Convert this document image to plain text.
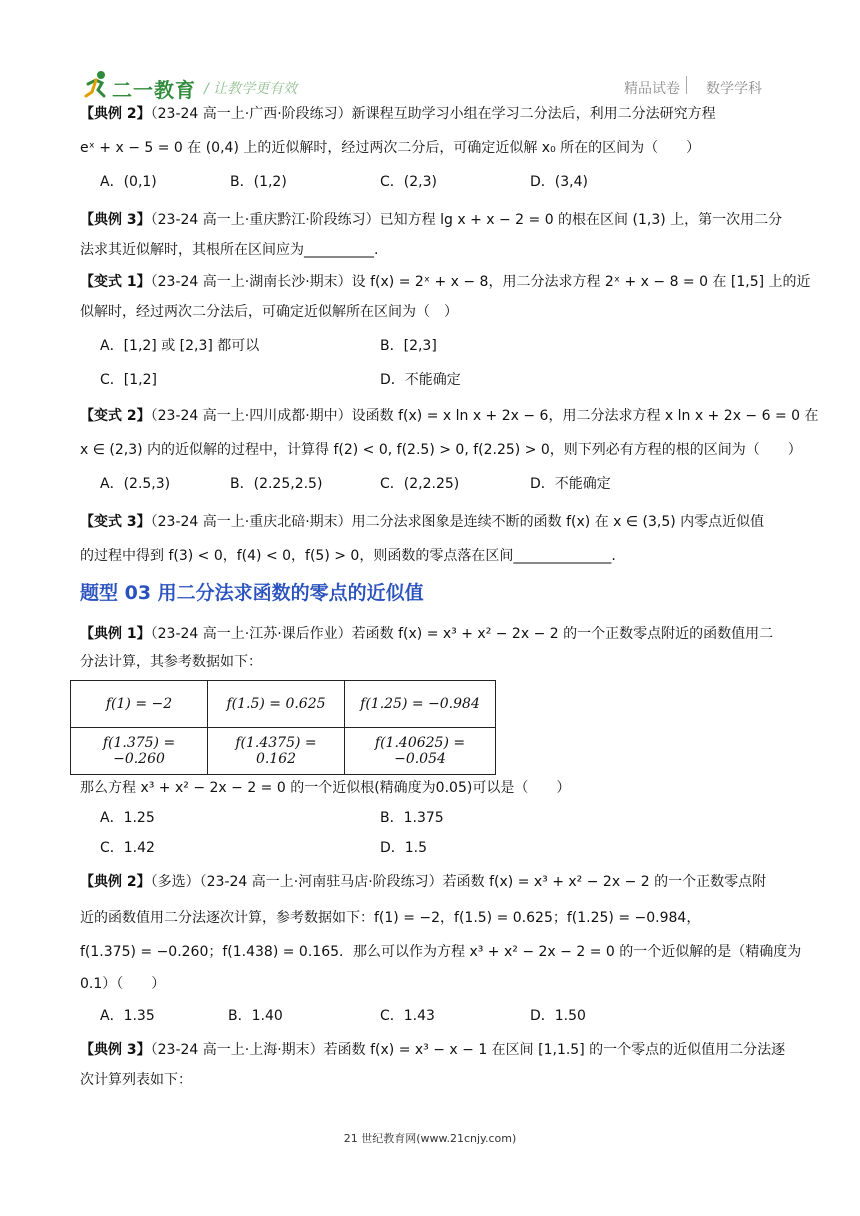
二一教育 / 让教学更有效	精品试卷 数学学科
【典例 2】（23-24 高一上·广西·阶段练习）新课程互助学习小组在学习二分法后，利用二分法研究方程
eˣ + x − 5 = 0 在 (0,4) 上的近似解时，经过两次二分后，可确定近似解 x₀ 所在的区间为（　　）
A．(0,1)	B．(1,2)	C．(2,3)	D．(3,4)
【典例 3】（23-24 高一上·重庆黔江·阶段练习）已知方程 lg x + x − 2 = 0 的根在区间 (1,3) 上，第一次用二分
法求其近似解时，其根所在区间应为__________.
【变式 1】（23-24 高一上·湖南长沙·期末）设 f(x) = 2ˣ + x − 8，用二分法求方程 2ˣ + x − 8 = 0 在 [1,5] 上的近
似解时，经过两次二分法后，可确定近似解所在区间为（　）
A．[1,2] 或 [2,3] 都可以	B．[2,3]
C．[1,2]	D．不能确定
【变式 2】（23-24 高一上·四川成都·期中）设函数 f(x) = x ln x + 2x − 6，用二分法求方程 x ln x + 2x − 6 = 0 在
x ∈ (2,3) 内的近似解的过程中，计算得 f(2) < 0, f(2.5) > 0, f(2.25) > 0，则下列必有方程的根的区间为（　　）
A．(2.5,3)	B．(2.25,2.5)	C．(2,2.25)	D．不能确定
【变式 3】（23-24 高一上·重庆北碚·期末）用二分法求图象是连续不断的函数 f(x) 在 x ∈ (3,5) 内零点近似值
的过程中得到 f(3) < 0，f(4) < 0，f(5) > 0，则函数的零点落在区间______________.
题型 03 用二分法求函数的零点的近似值
【典例 1】（23-24 高一上·江苏·课后作业）若函数 f(x) = x³ + x² − 2x − 2 的一个正数零点附近的函数值用二
分法计算，其参考数据如下：
f(1) = −2	f(1.5) = 0.625	f(1.25) = −0.984
f(1.375) = −0.260	f(1.4375) = 0.162	f(1.40625) = −0.054
那么方程 x³ + x² − 2x − 2 = 0 的一个近似根(精确度为0.05)可以是（　　）
A．1.25	B．1.375
C．1.42	D．1.5
【典例 2】（多选）（23-24 高一上·河南驻马店·阶段练习）若函数 f(x) = x³ + x² − 2x − 2 的一个正数零点附
近的函数值用二分法逐次计算，参考数据如下：f(1) = −2，f(1.5) = 0.625；f(1.25) = −0.984，
f(1.375) = −0.260；f(1.438) = 0.165．那么可以作为方程 x³ + x² − 2x − 2 = 0 的一个近似解的是（精确度为
0.1）（　　）
A．1.35	B．1.40	C．1.43	D．1.50
【典例 3】（23-24 高一上·上海·期末）若函数 f(x) = x³ − x − 1 在区间 [1,1.5] 的一个零点的近似值用二分法逐
次计算列表如下：
21 世纪教育网(www.21cnjy.com)
